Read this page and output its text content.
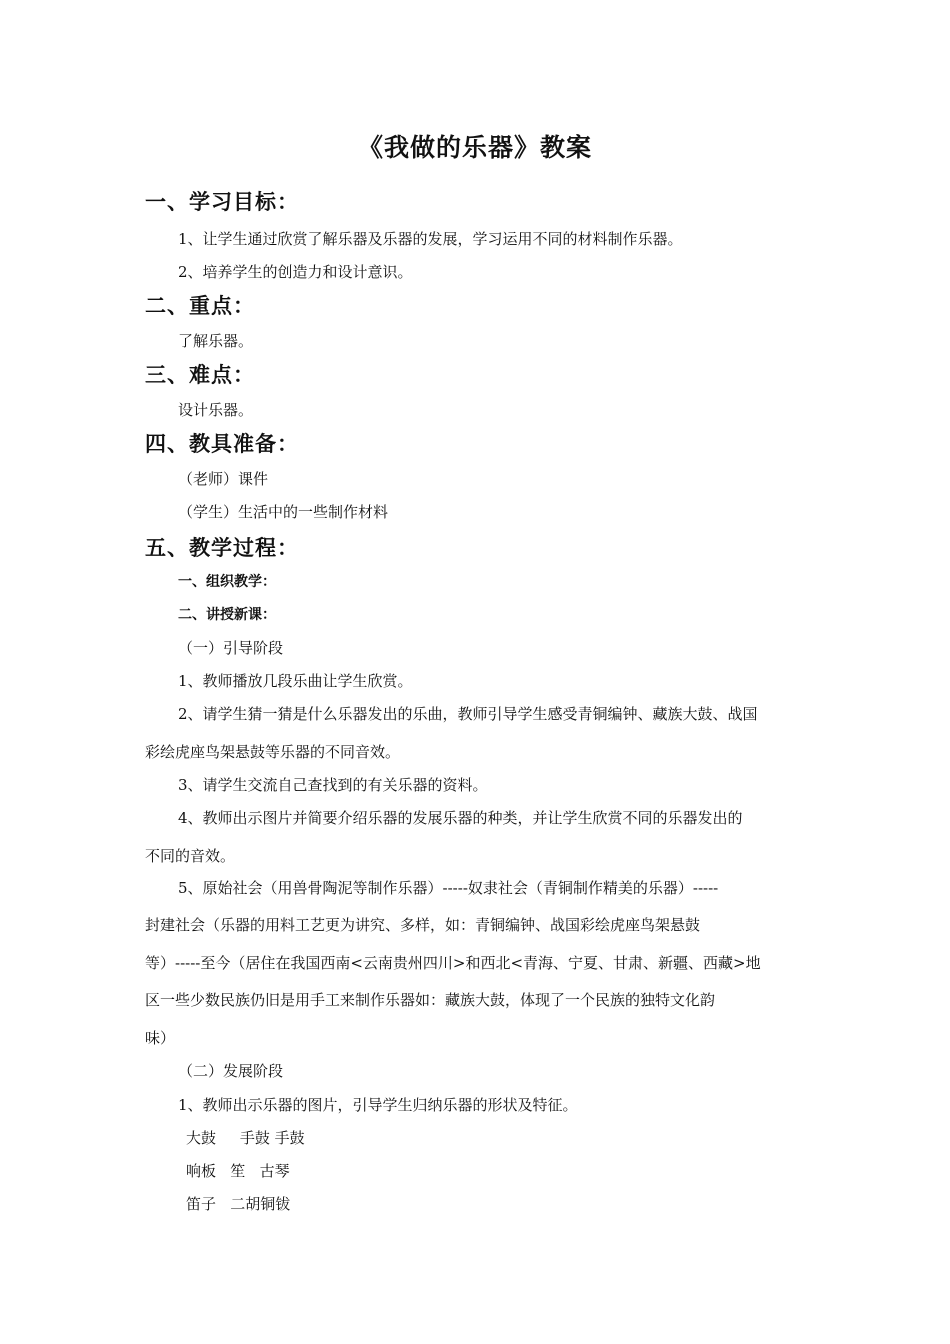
《我做的乐器》教案
一、学习目标：
1、让学生通过欣赏了解乐器及乐器的发展，学习运用不同的材料制作乐器。
2、培养学生的创造力和设计意识。
二、重点：
了解乐器。
三、难点：
设计乐器。
四、教具准备：
（老师）课件
（学生）生活中的一些制作材料
五、教学过程：
一、组织教学：
二、讲授新课：
（一）引导阶段
1、教师播放几段乐曲让学生欣赏。
2、请学生猜一猜是什么乐器发出的乐曲，教师引导学生感受青铜编钟、藏族大鼓、战国
彩绘虎座鸟架悬鼓等乐器的不同音效。
3、请学生交流自己查找到的有关乐器的资料。
4、教师出示图片并简要介绍乐器的发展乐器的种类，并让学生欣赏不同的乐器发出的
不同的音效。
5、原始社会（用兽骨陶泥等制作乐器）-----奴隶社会（青铜制作精美的乐器）-----
封建社会（乐器的用料工艺更为讲究、多样，如：青铜编钟、战国彩绘虎座鸟架悬鼓
等）-----至今（居住在我国西南<云南贵州四川>和西北<青海、宁夏、甘肃、新疆、西藏>地
区一些少数民族仍旧是用手工来制作乐器如：藏族大鼓，体现了一个民族的独特文化韵
味）
（二）发展阶段
1、教师出示乐器的图片，引导学生归纳乐器的形状及特征。
大鼓     手鼓 手鼓
响板   笙   古琴
笛子   二胡铜钹
